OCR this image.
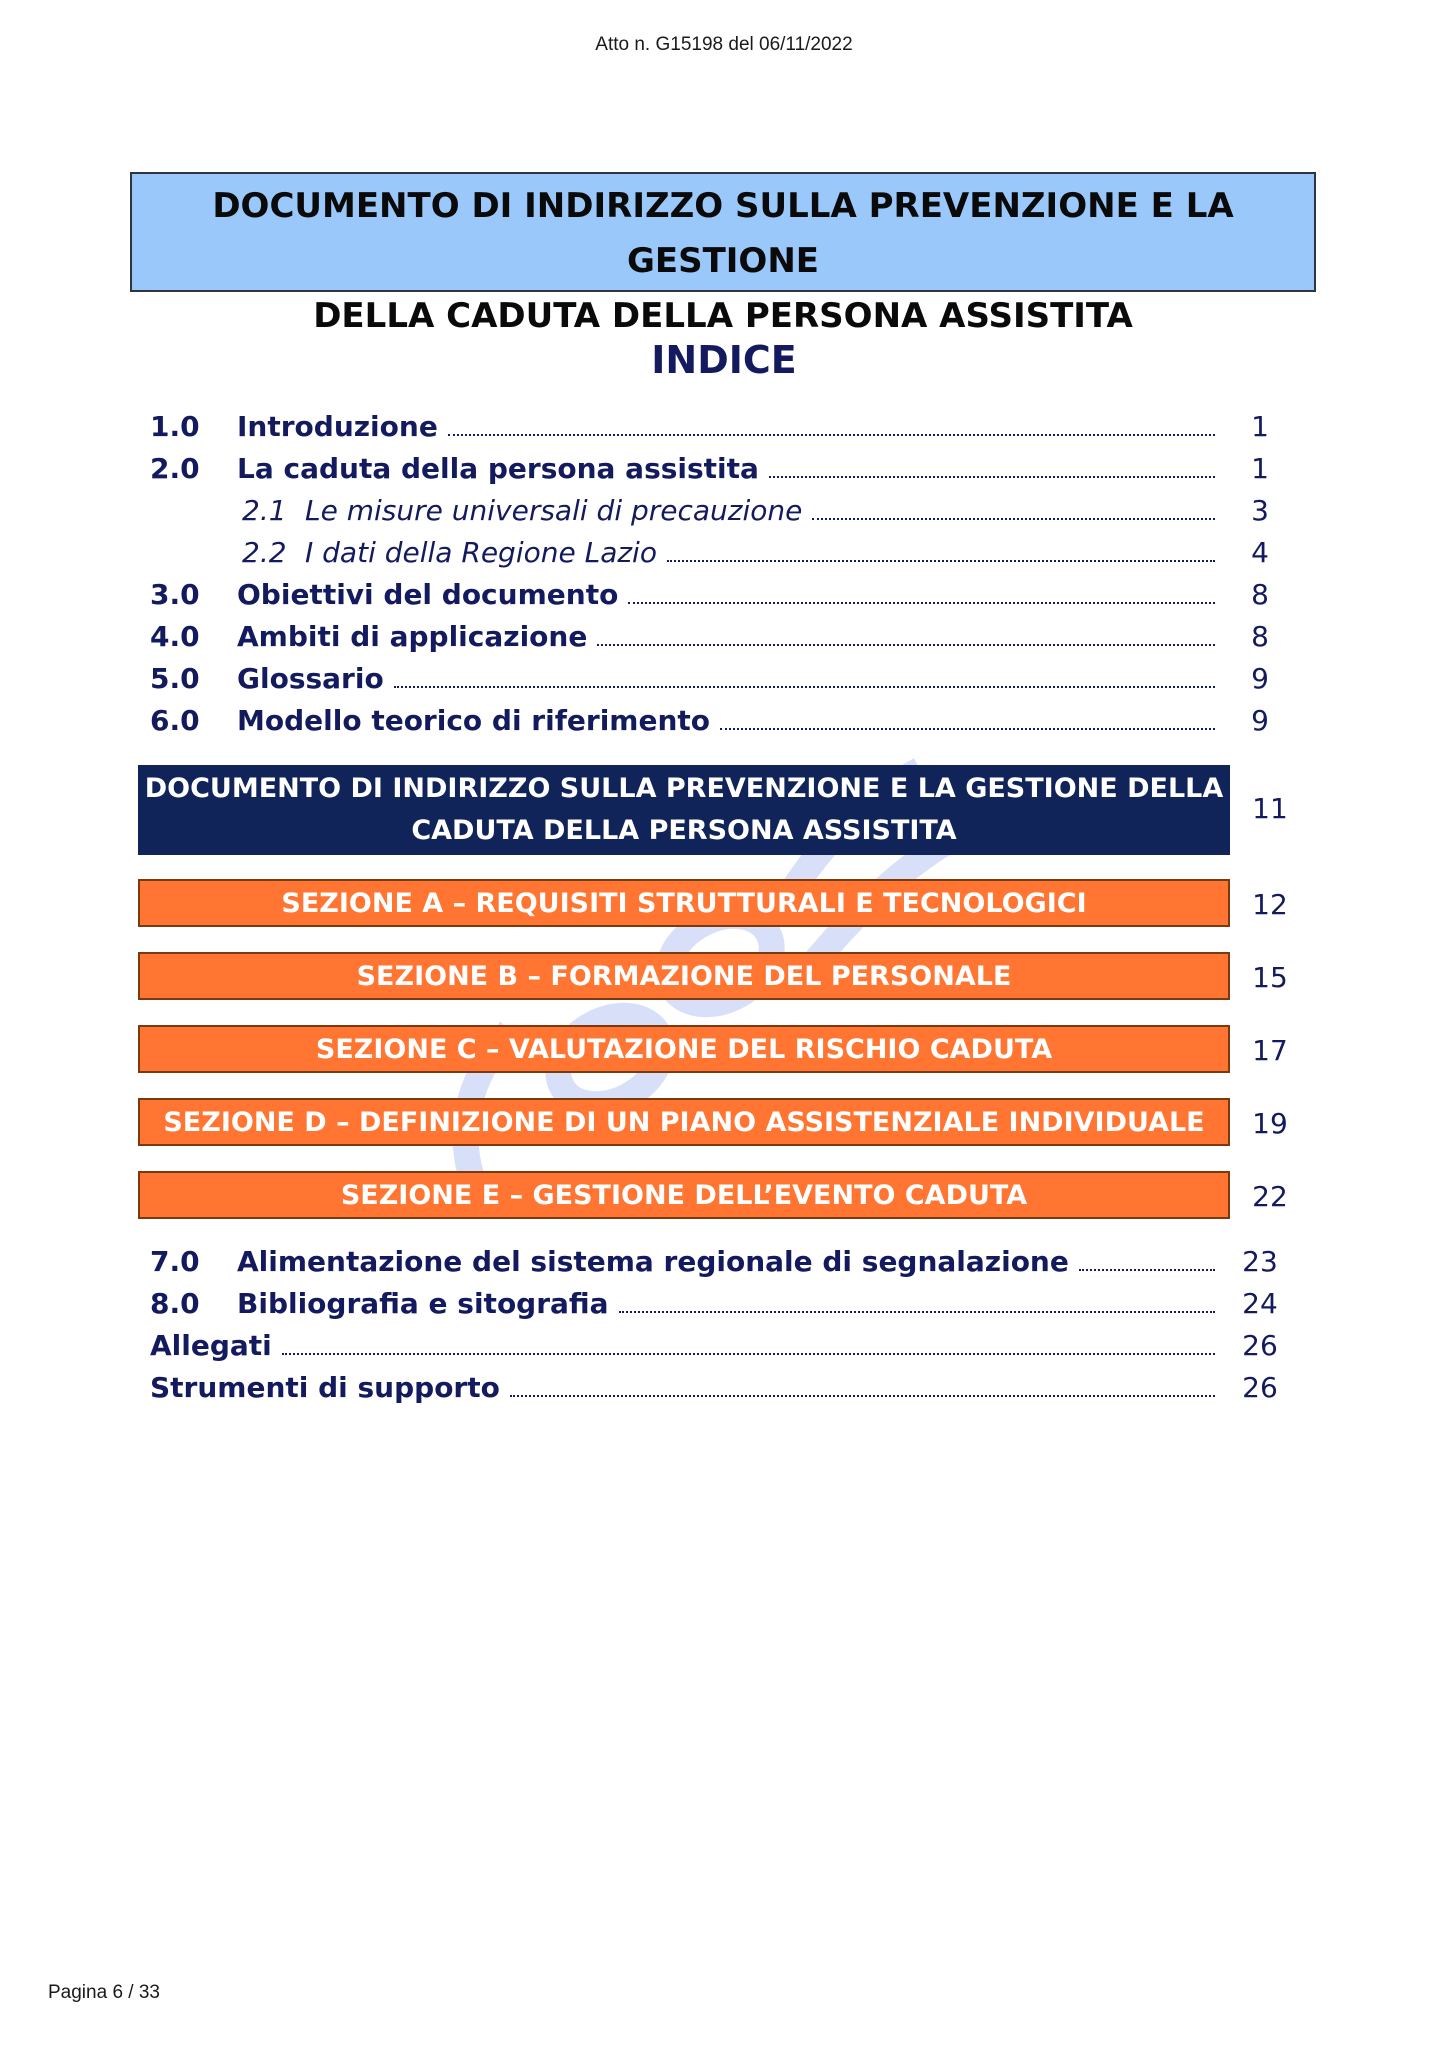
Atto n. G15198 del 06/11/2022
DOCUMENTO DI INDIRIZZO SULLA PREVENZIONE E LA GESTIONE
DELLA CADUTA DELLA PERSONA ASSISTITA
INDICE
1.0 Introduzione	1
2.0 La caduta della persona assistita	1
2.1 Le misure universali di precauzione	3
2.2 I dati della Regione Lazio	4
3.0 Obiettivi del documento	8
4.0 Ambiti di applicazione	8
5.0 Glossario	9
6.0 Modello teorico di riferimento	9
DOCUMENTO DI INDIRIZZO SULLA PREVENZIONE E LA GESTIONE DELLA
CADUTA DELLA PERSONA ASSISTITA
11
SEZIONE A – REQUISITI STRUTTURALI E TECNOLOGICI	12
SEZIONE B – FORMAZIONE DEL PERSONALE	15
SEZIONE C – VALUTAZIONE DEL RISCHIO CADUTA	17
SEZIONE D – DEFINIZIONE DI UN PIANO ASSISTENZIALE INDIVIDUALE 19
SEZIONE E – GESTIONE DELL’EVENTO CADUTA	22
7.0 Alimentazione del sistema regionale di segnalazione	23
8.0 Bibliografia e sitografia	24
Allegati	26
Strumenti di supporto	26
Pagina 6 / 33
